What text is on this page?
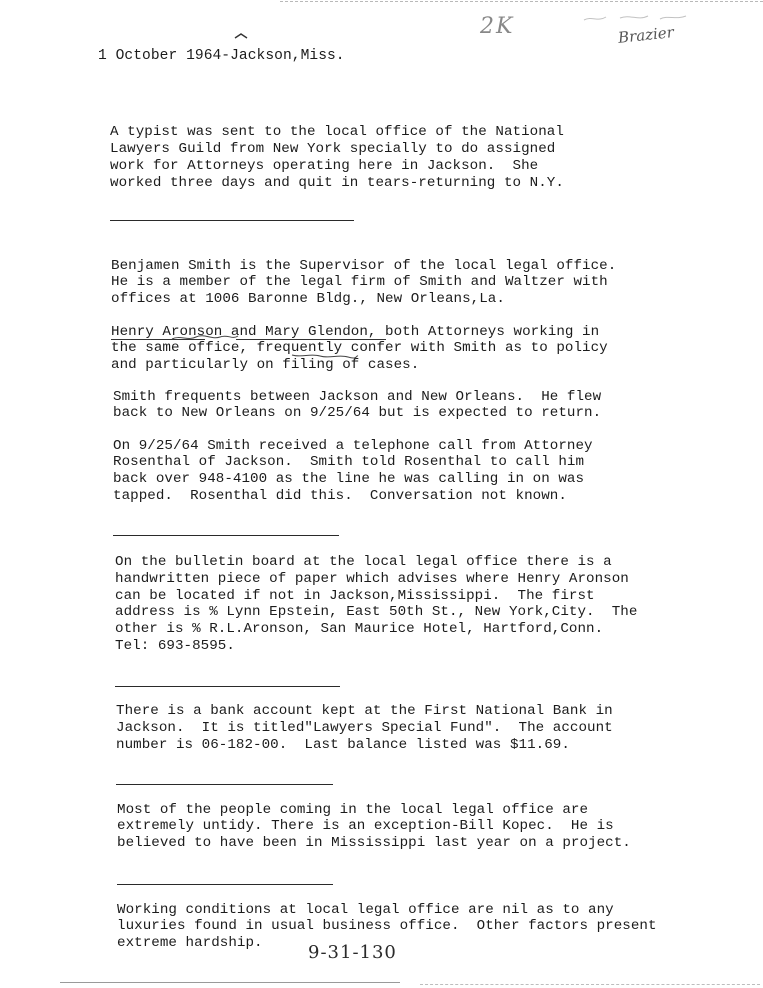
1 October 1964-Jackson,Miss.
2K	Brazier
A typist was sent to the local office of the National
Lawyers Guild from New York specially to do assigned
work for Attorneys operating here in Jackson.  She
worked three days and quit in tears-returning to N.Y.
Benjamen Smith is the Supervisor of the local legal office.
He is a member of the legal firm of Smith and Waltzer with
offices at 1006 Baronne Bldg., New Orleans,La.
Henry Aronson and Mary Glendon, both Attorneys working in
the same office, frequently confer with Smith as to policy
and particularly on filing of cases.
Smith frequents between Jackson and New Orleans.  He flew
back to New Orleans on 9/25/64 but is expected to return.
On 9/25/64 Smith received a telephone call from Attorney
Rosenthal of Jackson.  Smith told Rosenthal to call him
back over 948-4100 as the line he was calling in on was
tapped.  Rosenthal did this.  Conversation not known.
On the bulletin board at the local legal office there is a
handwritten piece of paper which advises where Henry Aronson
can be located if not in Jackson,Mississippi.  The first
address is % Lynn Epstein, East 50th St., New York,City.  The
other is % R.L.Aronson, San Maurice Hotel, Hartford,Conn.
Tel: 693-8595.
There is a bank account kept at the First National Bank in
Jackson.  It is titled"Lawyers Special Fund".  The account
number is 06-182-00.  Last balance listed was $11.69.
Most of the people coming in the local legal office are
extremely untidy. There is an exception-Bill Kopec.  He is
believed to have been in Mississippi last year on a project.
Working conditions at local legal office are nil as to any
luxuries found in usual business office.  Other factors present
extreme hardship.	9-31-130
